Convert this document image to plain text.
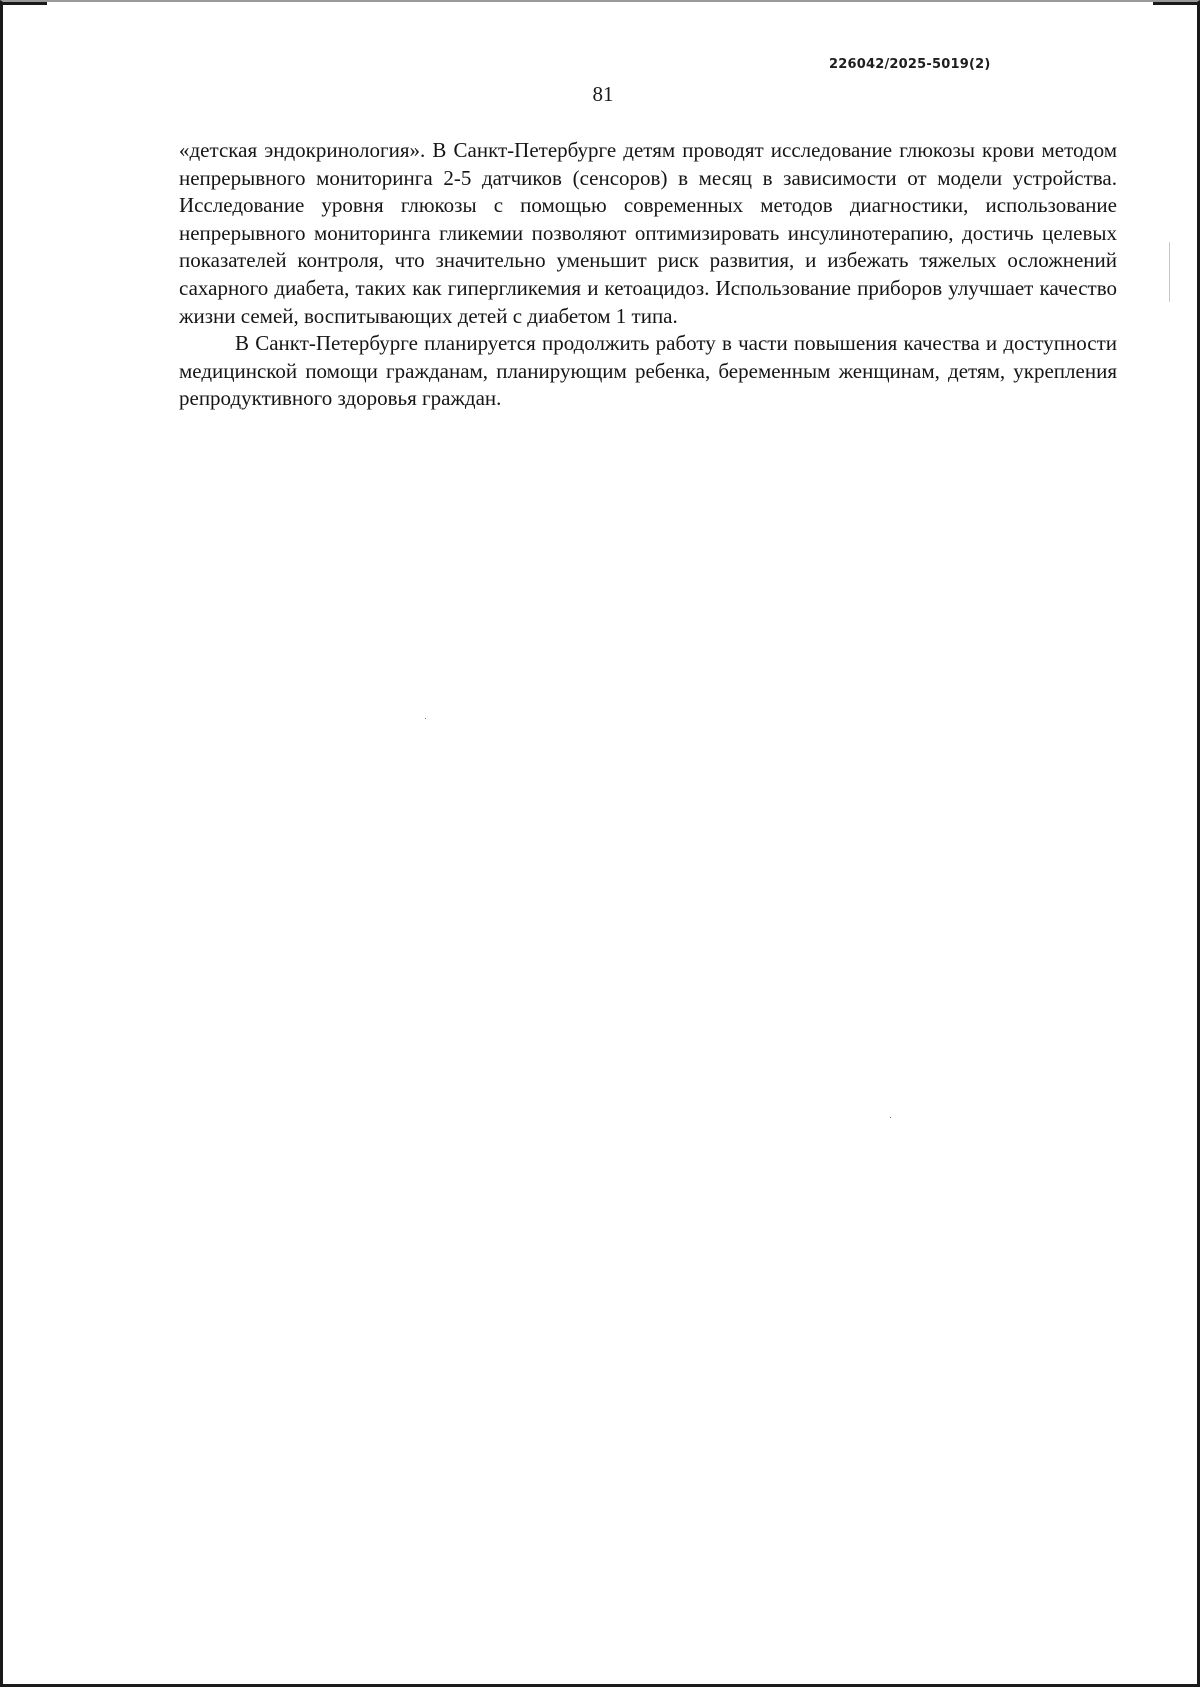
226042/2025-5019(2)
81

«детская эндокринология». В Санкт-Петербурге детям проводят исследование глюкозы крови методом непрерывного мониторинга 2-5 датчиков (сенсоров) в месяц в зависимости от модели устройства. Исследование уровня глюкозы с помощью современных методов диагностики, использование непрерывного мониторинга гликемии позволяют оптимизировать инсулинотерапию, достичь целевых показателей контроля, что значительно уменьшит риск развития, и избежать тяжелых осложнений сахарного диабета, таких как гипергликемия и кетоацидоз. Использование приборов улучшает качество жизни семей, воспитывающих детей с диабетом 1 типа.

В Санкт-Петербурге планируется продолжить работу в части повышения качества и доступности медицинской помощи гражданам, планирующим ребенка, беременным женщинам, детям, укрепления репродуктивного здоровья граждан.
